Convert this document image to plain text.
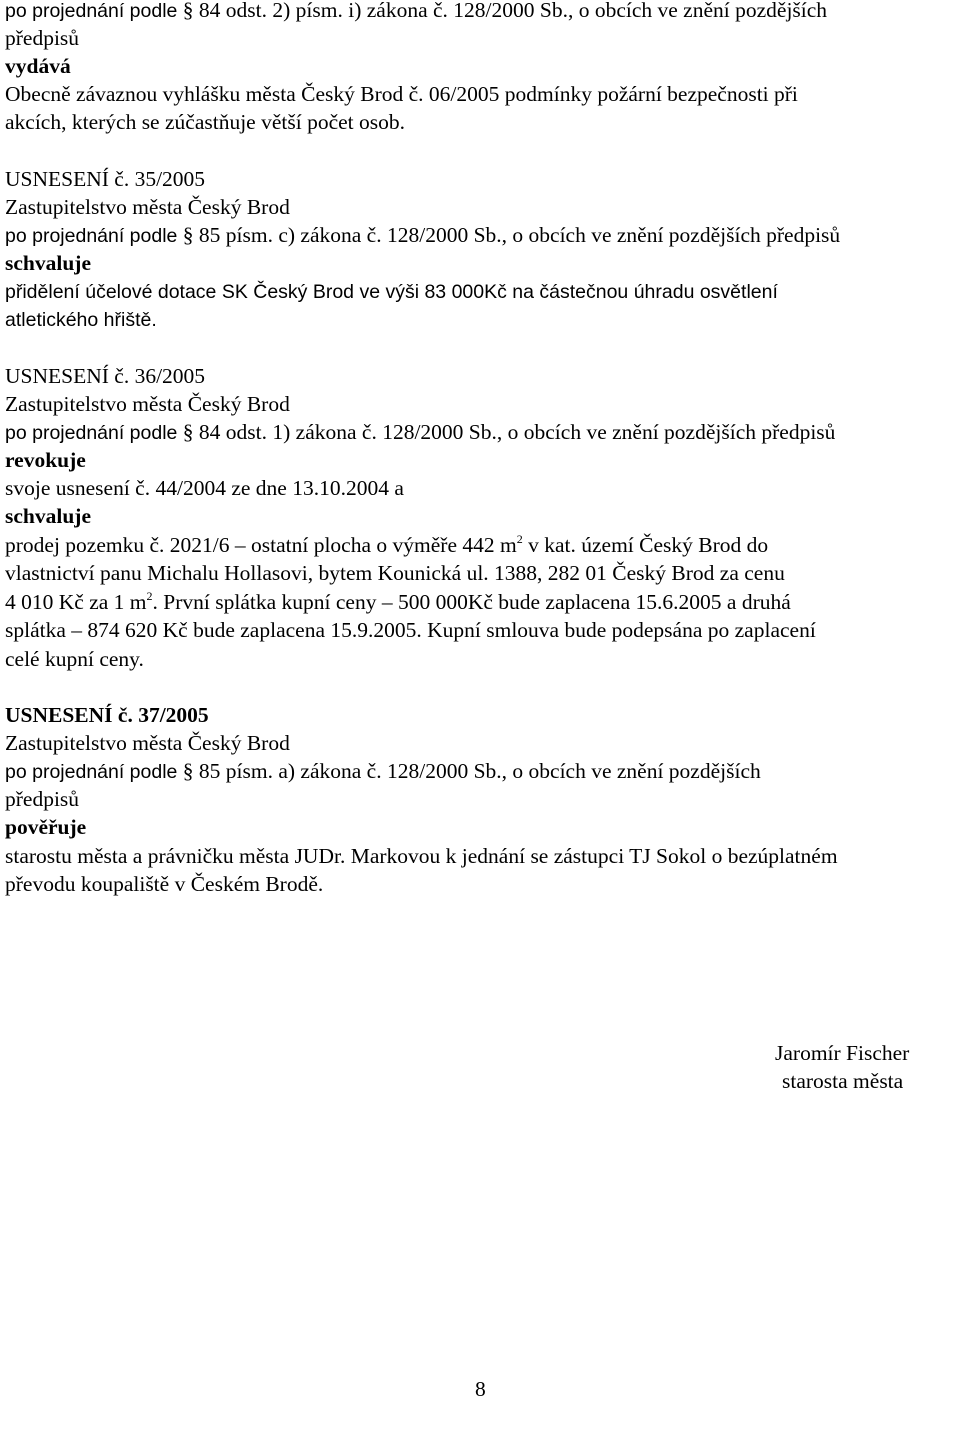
po projednání podle § 84 odst. 2) písm. i) zákona č. 128/2000 Sb., o obcích ve znění pozdějších
předpisů
vydává
Obecně závaznou vyhlášku města Český Brod č. 06/2005 podmínky požární bezpečnosti při
akcích, kterých se zúčastňuje větší počet osob.
USNESENÍ č. 35/2005
Zastupitelstvo města Český Brod
po projednání podle § 85 písm. c) zákona č. 128/2000 Sb., o obcích ve znění pozdějších předpisů
schvaluje
přidělení účelové dotace SK Český Brod ve výši 83 000Kč na částečnou úhradu osvětlení
atletického hřiště.
USNESENÍ č. 36/2005
Zastupitelstvo města Český Brod
po projednání podle § 84 odst. 1) zákona č. 128/2000 Sb., o obcích ve znění pozdějších předpisů
revokuje
svoje usnesení č. 44/2004 ze dne 13.10.2004 a
schvaluje
prodej pozemku č. 2021/6 – ostatní plocha o výměře 442 $m^2$ v kat. území Český Brod do
vlastnictví panu Michalu Hollasovi, bytem Kounická ul. 1388, 282 01 Český Brod za cenu
4 010 Kč za 1 $m^2$. První splátka kupní ceny – 500 000Kč bude zaplacena 15.6.2005 a druhá
splátka – 874 620 Kč bude zaplacena 15.9.2005. Kupní smlouva bude podepsána po zaplacení
celé kupní ceny.
USNESENÍ č. 37/2005
Zastupitelstvo města Český Brod
po projednání podle § 85 písm. a) zákona č. 128/2000 Sb., o obcích ve znění pozdějších
předpisů
pověřuje
starostu města a právničku města JUDr. Markovou k jednání se zástupci TJ Sokol o bezúplatném
převodu koupaliště v Českém Brodě.
Jaromír Fischer
starosta města
8
